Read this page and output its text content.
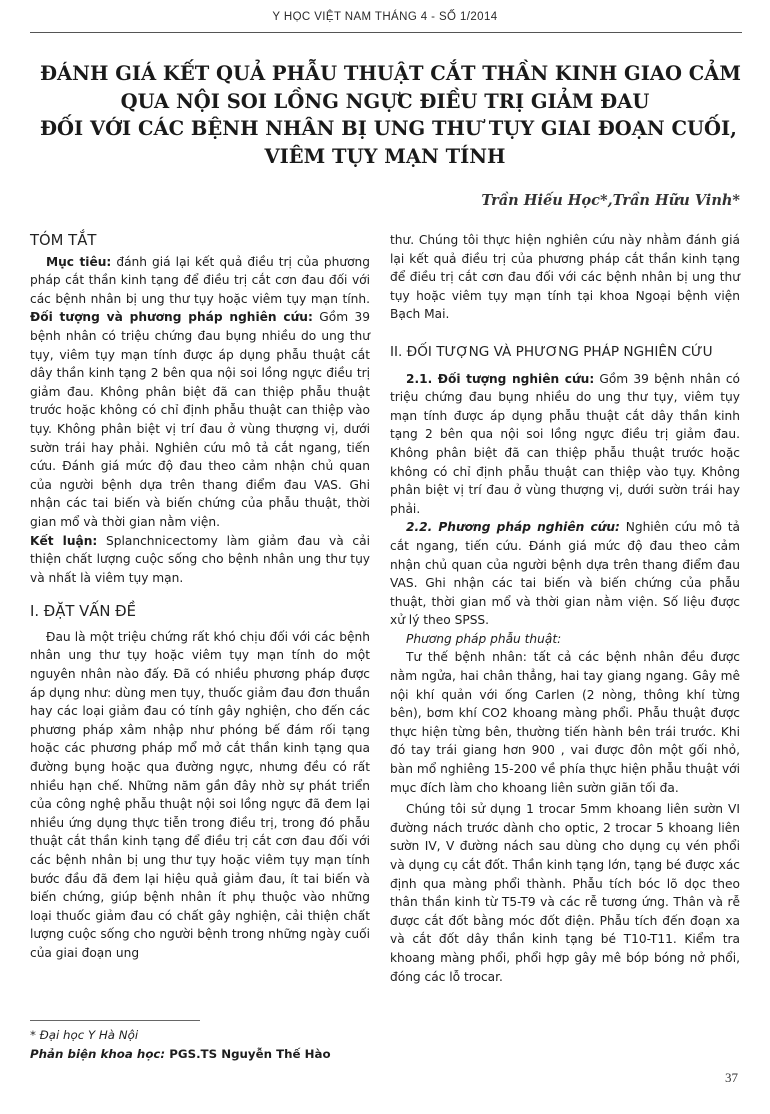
Y HỌC VIỆT NAM THÁNG 4 - SỐ 1/2014
ĐÁNH GIÁ KẾT QUẢ PHẪU THUẬT CẮT THẦN KINH GIAO CẢM
QUA NỘI SOI LỒNG NGỰC ĐIỀU TRỊ GIẢM ĐAU
ĐỐI VỚI CÁC BỆNH NHÂN BỊ UNG THƯ TỤY GIAI ĐOẠN CUỐI,
VIÊM TỤY MẠN TÍNH
Trần Hiếu Học*,Trần Hữu Vinh*
TÓM TẮT

Mục tiêu: đánh giá lại kết quả điều trị của phương pháp cắt thần kinh tạng để điều trị cắt cơn đau đối với các bệnh nhân bị ung thư tụy hoặc viêm tụy mạn tính. Đối tượng và phương pháp nghiên cứu: Gồm 39 bệnh nhân có triệu chứng đau bụng nhiều do ung thư tụy, viêm tụy mạn tính được áp dụng phẫu thuật cắt dây thần kinh tạng 2 bên qua nội soi lồng ngực điều trị giảm đau. Không phân biệt đã can thiệp phẫu thuật trước hoặc không có chỉ định phẫu thuật can thiệp vào tụy. Không phân biệt vị trí đau ở vùng thượng vị, dưới sườn trái hay phải. Nghiên cứu mô tả cắt ngang, tiến cứu. Đánh giá mức độ đau theo cảm nhận chủ quan của người bệnh dựa trên thang điểm đau VAS. Ghi nhận các tai biến và biến chứng của phẫu thuật, thời gian mổ và thời gian nằm viện.

Kết luận: Splanchnicectomy làm giảm đau và cải thiện chất lượng cuộc sống cho bệnh nhân ung thư tụy và nhất là viêm tụy mạn.

I. ĐẶT VẤN ĐỀ

Đau là một triệu chứng rất khó chịu đối với các bệnh nhân ung thư tụy hoặc viêm tụy mạn tính do một nguyên nhân nào đấy. Đã có nhiều phương pháp được áp dụng như: dùng men tụy, thuốc giảm đau đơn thuần hay các loại giảm đau có tính gây nghiện, cho đến các phương pháp xâm nhập như phóng bế đám rối tạng hoặc các phương pháp mổ mở cắt thần kinh tạng qua đường bụng hoặc qua đường ngực, nhưng đều có rất nhiều hạn chế. Những năm gần đây nhờ sự phát triển của công nghệ phẫu thuật nội soi lồng ngực đã đem lại nhiều ứng dụng thực tiễn trong điều trị, trong đó phẫu thuật cắt thần kinh tạng để điều trị cắt cơn đau đối với các bệnh nhân bị ung thư tụy hoặc viêm tụy mạn tính bước đầu đã đem lại hiệu quả giảm đau, ít tai biến và biến chứng, giúp bệnh nhân ít phụ thuộc vào những loại thuốc giảm đau có chất gây nghiện, cải thiện chất lượng cuộc sống cho người bệnh trong những ngày cuối của giai đoạn ung

thư. Chúng tôi thực hiện nghiên cứu này nhằm đánh giá lại kết quả điều trị của phương pháp cắt thần kinh tạng để điều trị cắt cơn đau đối với các bệnh nhân bị ung thư tụy hoặc viêm tụy mạn tính tại khoa Ngoại bệnh viện Bạch Mai.

II. ĐỐI TƯỢNG VÀ PHƯƠNG PHÁP NGHIÊN CỨU

2.1. Đối tượng nghiên cứu: Gồm 39 bệnh nhân có triệu chứng đau bụng nhiều do ung thư tụy, viêm tụy mạn tính được áp dụng phẫu thuật cắt dây thần kinh tạng 2 bên qua nội soi lồng ngực điều trị giảm đau. Không phân biệt đã can thiệp phẫu thuật trước hoặc không có chỉ định phẫu thuật can thiệp vào tụy. Không phân biệt vị trí đau ở vùng thượng vị, dưới sườn trái hay phải.

2.2. Phương pháp nghiên cứu: Nghiên cứu mô tả cắt ngang, tiến cứu. Đánh giá mức độ đau theo cảm nhận chủ quan của người bệnh dựa trên thang điểm đau VAS. Ghi nhận các tai biến và biến chứng của phẫu thuật, thời gian mổ và thời gian nằm viện. Số liệu được xử lý theo SPSS.

Phương pháp phẫu thuật:

Tư thế bệnh nhân: tất cả các bệnh nhân đều được nằm ngửa, hai chân thẳng, hai tay giang ngang. Gây mê nội khí quản với ống Carlen (2 nòng, thông khí từng bên), bơm khí CO2 khoang màng phổi. Phẫu thuật được thực hiện từng bên, thường tiến hành bên trái trước. Khi đó tay trái giang hơn 900 , vai được đôn một gối nhỏ, bàn mổ nghiêng 15-200 về phía thực hiện phẫu thuật với mục đích làm cho khoang liên sườn giãn tối đa.

Chúng tôi sử dụng 1 trocar 5mm khoang liên sườn VI đường nách trước dành cho optic, 2 trocar 5 khoang liên sườn IV, V đường nách sau dùng cho dụng cụ vén phổi và dụng cụ cắt đốt. Thần kinh tạng lớn, tạng bé được xác định qua màng phổi thành. Phẫu tích bóc lõ dọc theo thân thần kinh từ T5-T9 và các rễ tương ứng. Thân và rễ được cắt đốt bằng móc đốt điện. Phẫu tích đến đoạn xa và cắt đốt dây thần kinh tạng bé T10-T11. Kiểm tra khoang màng phổi, phổi hợp gây mê bóp bóng nở phổi, đóng các lỗ trocar.

* Đại học Y Hà Nội

Phản biện khoa học: PGS.TS Nguyễn Thế Hào

37
